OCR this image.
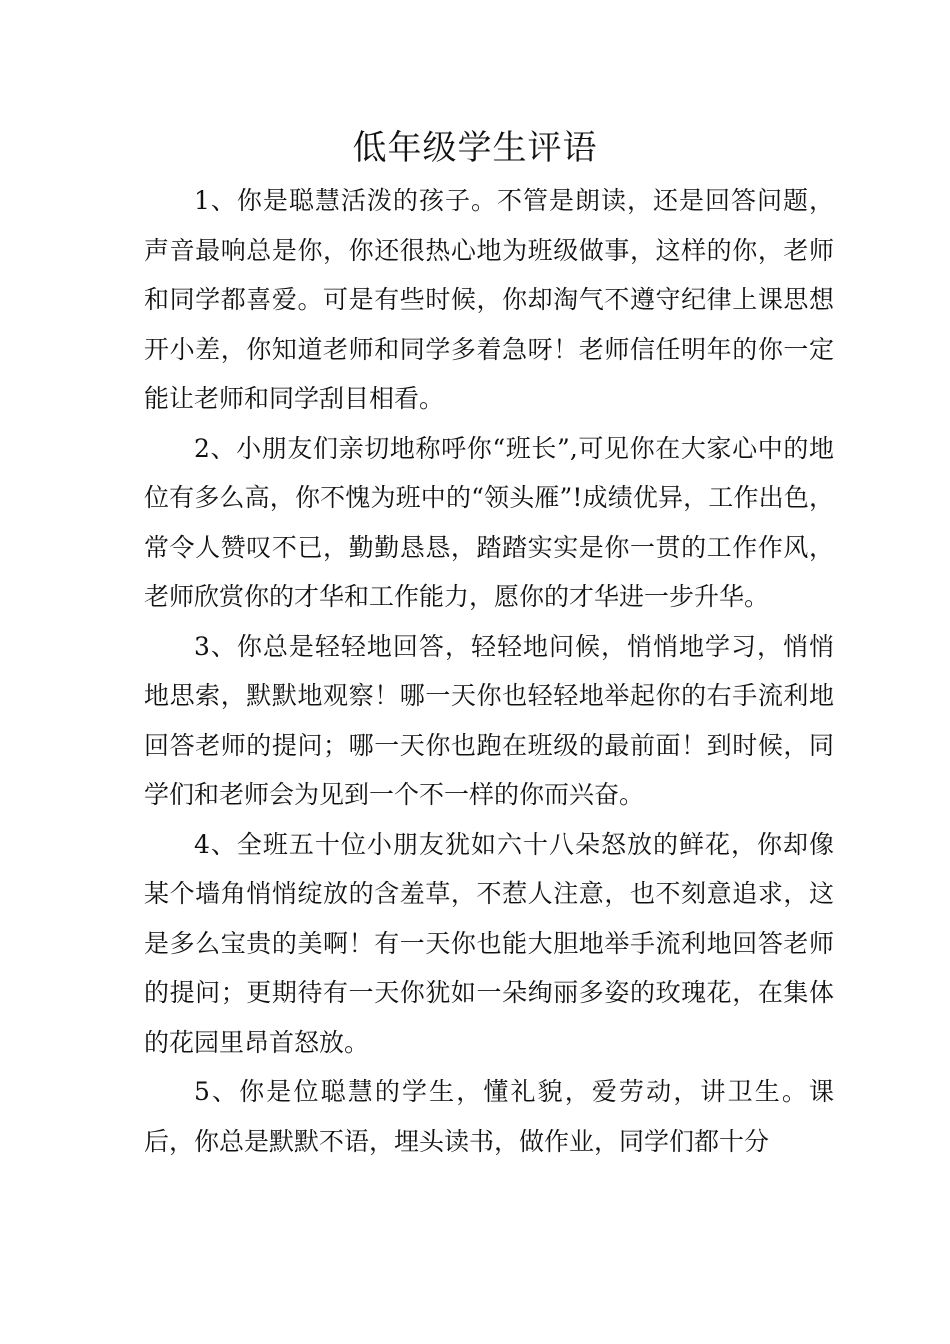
低年级学生评语

1、你是聪慧活泼的孩子。不管是朗读，还是回答问题，声音最响总是你，你还很热心地为班级做事，这样的你，老师和同学都喜爱。可是有些时候，你却淘气不遵守纪律上课思想开小差，你知道老师和同学多着急呀！老师信任明年的你一定能让老师和同学刮目相看。

2、小朋友们亲切地称呼你“班长”,可见你在大家心中的地位有多么高，你不愧为班中的“领头雁”!成绩优异，工作出色，常令人赞叹不已，勤勤恳恳，踏踏实实是你一贯的工作作风，老师欣赏你的才华和工作能力，愿你的才华进一步升华。

3、你总是轻轻地回答，轻轻地问候，悄悄地学习，悄悄地思索，默默地观察！哪一天你也轻轻地举起你的右手流利地回答老师的提问；哪一天你也跑在班级的最前面！到时候，同学们和老师会为见到一个不一样的你而兴奋。

4、全班五十位小朋友犹如六十八朵怒放的鲜花，你却像某个墙角悄悄绽放的含羞草，不惹人注意，也不刻意追求，这是多么宝贵的美啊！有一天你也能大胆地举手流利地回答老师的提问；更期待有一天你犹如一朵绚丽多姿的玫瑰花，在集体的花园里昂首怒放。

5、你是位聪慧的学生，懂礼貌，爱劳动，讲卫生。课后，你总是默默不语，埋头读书，做作业，同学们都十分
